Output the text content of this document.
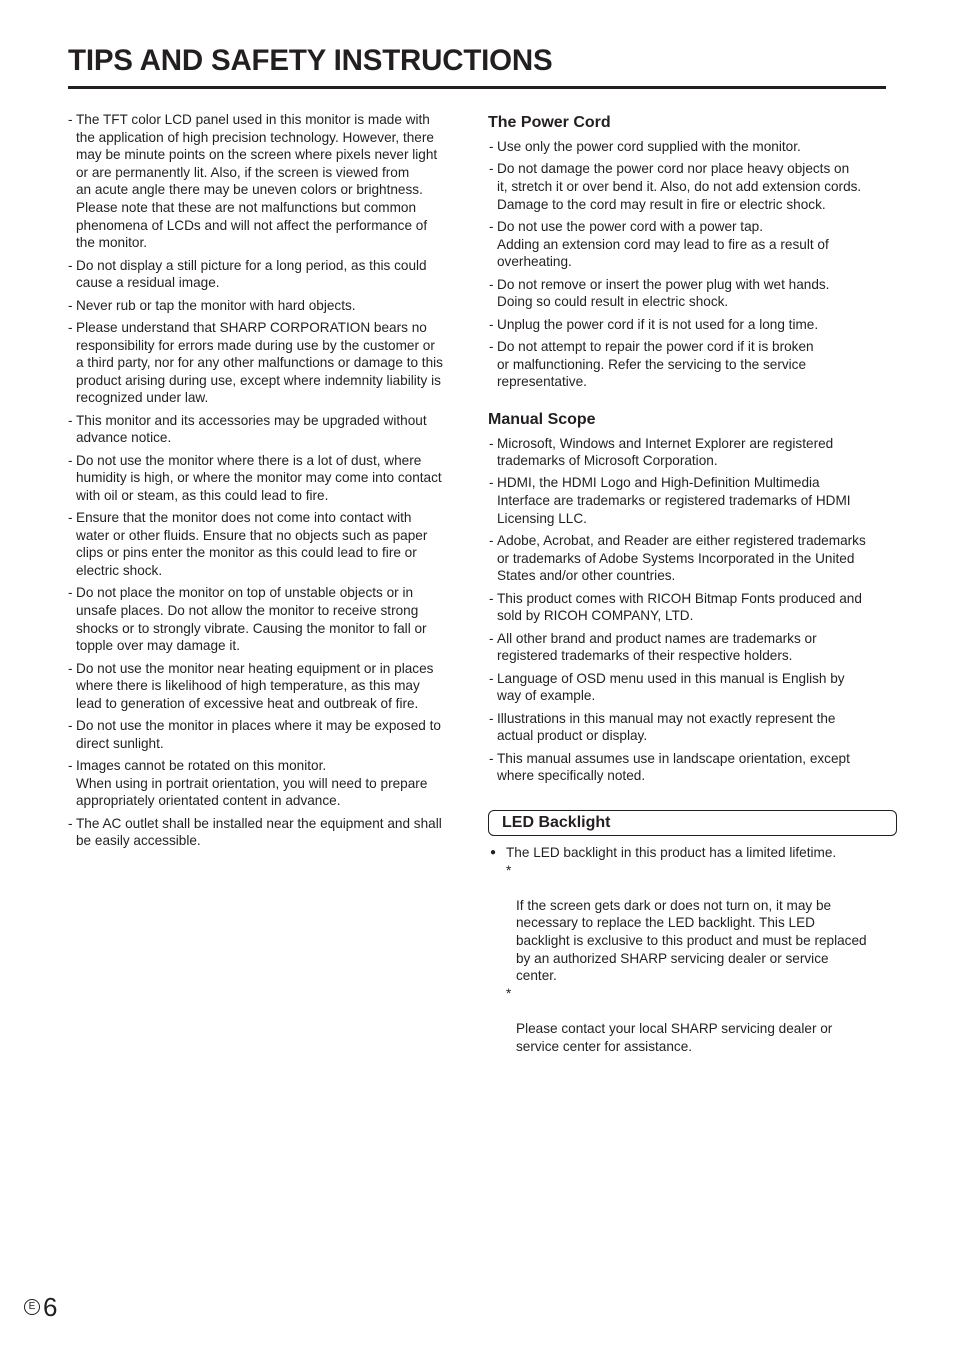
TIPS AND SAFETY INSTRUCTIONS
- The TFT color LCD panel used in this monitor is made with
the application of high precision technology. However, there
may be minute points on the screen where pixels never light
or are permanently lit. Also, if the screen is viewed from
an acute angle there may be uneven colors or brightness.
Please note that these are not malfunctions but common
phenomena of LCDs and will not affect the performance of
the monitor.
- Do not display a still picture for a long period, as this could
cause a residual image.
- Never rub or tap the monitor with hard objects.
- Please understand that SHARP CORPORATION bears no
responsibility for errors made during use by the customer or
a third party, nor for any other malfunctions or damage to this
product arising during use, except where indemnity liability is
recognized under law.
- This monitor and its accessories may be upgraded without
advance notice.
- Do not use the monitor where there is a lot of dust, where
humidity is high, or where the monitor may come into contact
with oil or steam, as this could lead to fire.
- Ensure that the monitor does not come into contact with
water or other fluids. Ensure that no objects such as paper
clips or pins enter the monitor as this could lead to fire or
electric shock.
- Do not place the monitor on top of unstable objects or in
unsafe places. Do not allow the monitor to receive strong
shocks or to strongly vibrate. Causing the monitor to fall or
topple over may damage it.
- Do not use the monitor near heating equipment or in places
where there is likelihood of high temperature, as this may
lead to generation of excessive heat and outbreak of fire.
- Do not use the monitor in places where it may be exposed to
direct sunlight.
- Images cannot be rotated on this monitor.
When using in portrait orientation, you will need to prepare
appropriately orientated content in advance.
- The AC outlet shall be installed near the equipment and shall
be easily accessible.
The Power Cord
- Use only the power cord supplied with the monitor.
- Do not damage the power cord nor place heavy objects on
it, stretch it or over bend it. Also, do not add extension cords.
Damage to the cord may result in fire or electric shock.
- Do not use the power cord with a power tap.
Adding an extension cord may lead to fire as a result of
overheating.
- Do not remove or insert the power plug with wet hands.
Doing so could result in electric shock.
- Unplug the power cord if it is not used for a long time.
- Do not attempt to repair the power cord if it is broken
or malfunctioning. Refer the servicing to the service
representative.
Manual Scope
- Microsoft, Windows and Internet Explorer are registered
trademarks of Microsoft Corporation.
- HDMI, the HDMI Logo and High-Definition Multimedia
Interface are trademarks or registered trademarks of HDMI
Licensing LLC.
- Adobe, Acrobat, and Reader are either registered trademarks
or trademarks of Adobe Systems Incorporated in the United
States and/or other countries.
- This product comes with RICOH Bitmap Fonts produced and
sold by RICOH COMPANY, LTD.
- All other brand and product names are trademarks or
registered trademarks of their respective holders.
- Language of OSD menu used in this manual is English by
way of example.
- Illustrations in this manual may not exactly represent the
actual product or display.
- This manual assumes use in landscape orientation, except
where specifically noted.
LED Backlight
● The LED backlight in this product has a limited lifetime.

*

If the screen gets dark or does not turn on, it may be
necessary to replace the LED backlight. This LED
backlight is exclusive to this product and must be replaced
by an authorized SHARP servicing dealer or service
center.

*

Please contact your local SHARP servicing dealer or
service center for assistance.

E 6
